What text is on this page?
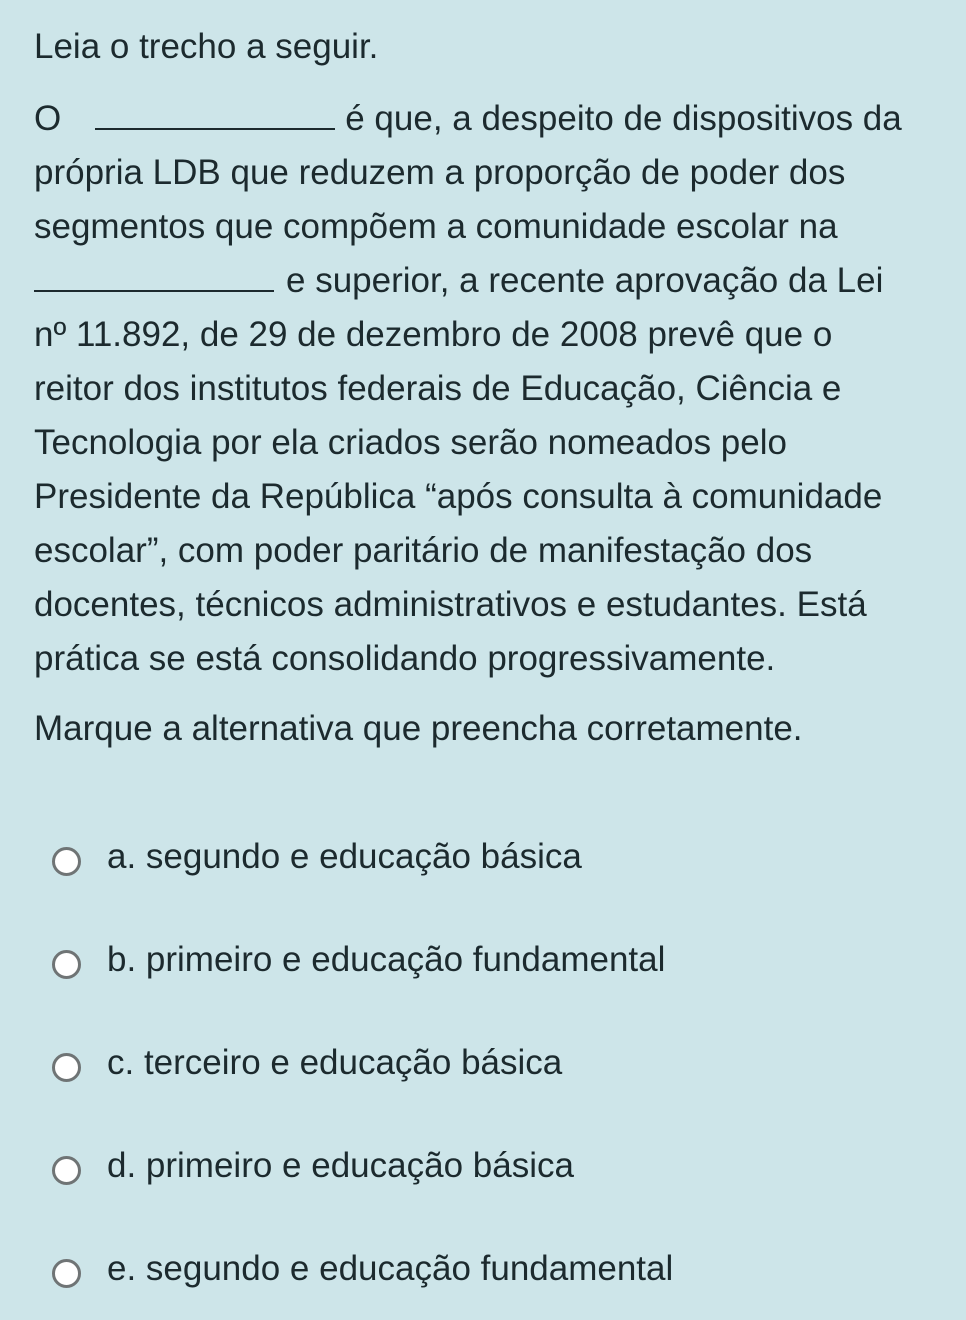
Leia o trecho a seguir.

O	é que, a despeito de dispositivos da
própria LDB que reduzem a proporção de poder dos
segmentos que compõem a comunidade escolar na
e superior, a recente aprovação da Lei
nº 11.892, de 29 de dezembro de 2008 prevê que o
reitor dos institutos federais de Educação, Ciência e
Tecnologia por ela criados serão nomeados pelo
Presidente da República “após consulta à comunidade
escolar”, com poder paritário de manifestação dos
docentes, técnicos administrativos e estudantes. Está
prática se está consolidando progressivamente.

Marque a alternativa que preencha corretamente.

a. segundo e educação básica
b. primeiro e educação fundamental
c. terceiro e educação básica
d. primeiro e educação básica
e. segundo e educação fundamental
